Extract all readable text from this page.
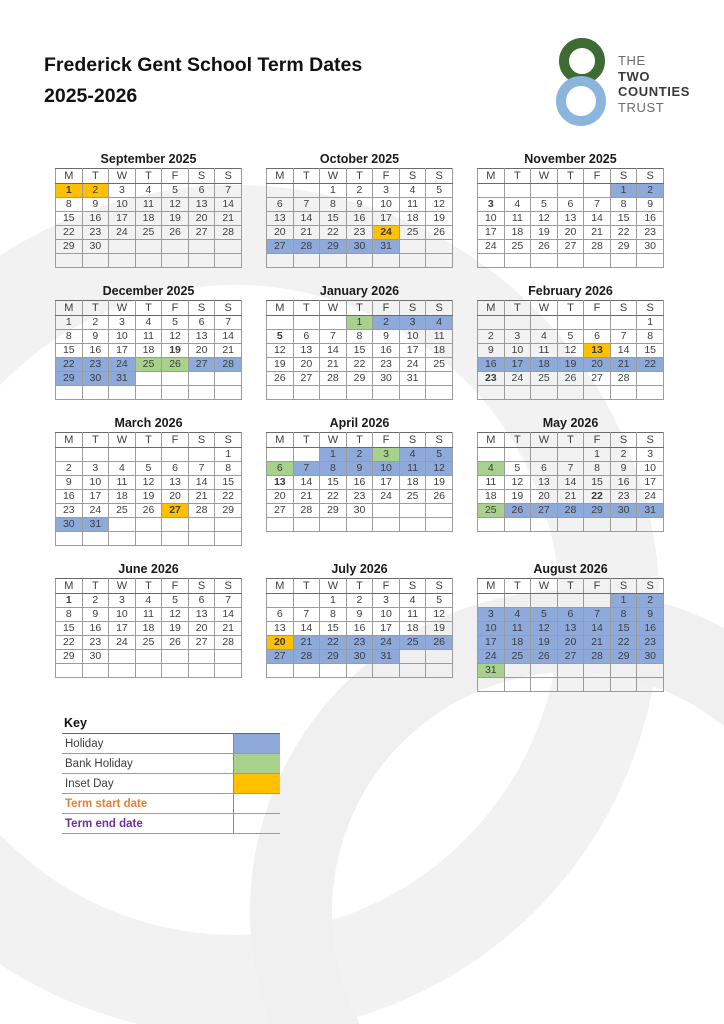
Frederick Gent School Term Dates
2025-2026
THE
TWO
COUNTIES
TRUST
September 2025
M	T	W	T	F	S	S
1	2	3	4	5	6	7
8	9	10	11	12	13	14
15	16	17	18	19	20	21
22	23	24	25	26	27	28
29	30					

October 2025
M	T	W	T	F	S	S
		1	2	3	4	5
6	7	8	9	10	11	12
13	14	15	16	17	18	19
20	21	22	23	24	25	26
27	28	29	30	31		

November 2025
M	T	W	T	F	S	S
					1	2
3	4	5	6	7	8	9
10	11	12	13	14	15	16
17	18	19	20	21	22	23
24	25	26	27	28	29	30

December 2025
M	T	W	T	F	S	S
1	2	3	4	5	6	7
8	9	10	11	12	13	14
15	16	17	18	19	20	21
22	23	24	25	26	27	28
29	30	31				

January 2026
M	T	W	T	F	S	S
			1	2	3	4
5	6	7	8	9	10	11
12	13	14	15	16	17	18
19	20	21	22	23	24	25
26	27	28	29	30	31	

February 2026
M	T	W	T	F	S	S
						1
2	3	4	5	6	7	8
9	10	11	12	13	14	15
16	17	18	19	20	21	22
23	24	25	26	27	28	

March 2026
M	T	W	T	F	S	S
						1
2	3	4	5	6	7	8
9	10	11	12	13	14	15
16	17	18	19	20	21	22
23	24	25	26	27	28	29
30	31					

April 2026
M	T	W	T	F	S	S
		1	2	3	4	5
6	7	8	9	10	11	12
13	14	15	16	17	18	19
20	21	22	23	24	25	26
27	28	29	30			

May 2026
M	T	W	T	F	S	S
				1	2	3
4	5	6	7	8	9	10
11	12	13	14	15	16	17
18	19	20	21	22	23	24
25	26	27	28	29	30	31

June 2026
M	T	W	T	F	S	S
1	2	3	4	5	6	7
8	9	10	11	12	13	14
15	16	17	18	19	20	21
22	23	24	25	26	27	28
29	30					

July 2026
M	T	W	T	F	S	S
		1	2	3	4	5
6	7	8	9	10	11	12
13	14	15	16	17	18	19
20	21	22	23	24	25	26
27	28	29	30	31		

August 2026
M	T	W	T	F	S	S
					1	2
3	4	5	6	7	8	9
10	11	12	13	14	15	16
17	18	19	20	21	22	23
24	25	26	27	28	29	30
31						

Key
Holiday
Bank Holiday
Inset Day
Term start date
Term end date
